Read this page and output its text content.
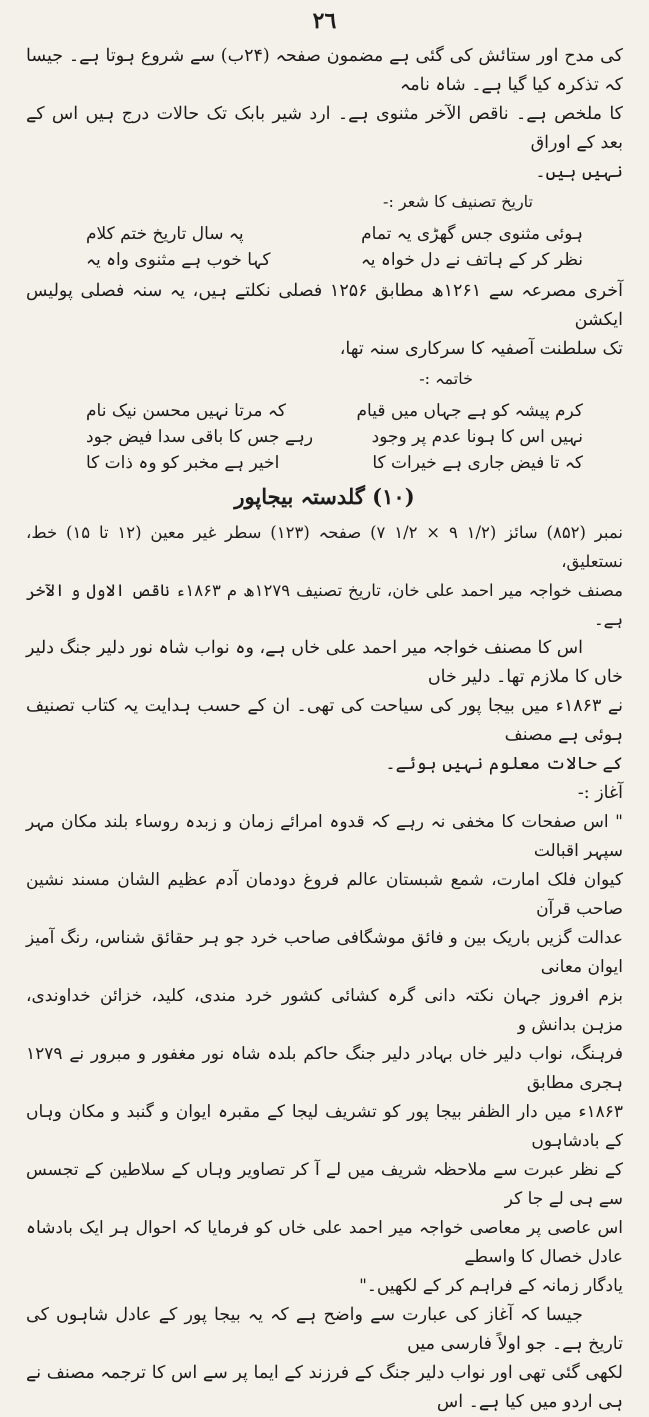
٢٦
کی مدح اور ستائش کی گئی ہے مضمون صفحہ (۲۴ب) سے شروع ہوتا ہے۔ جیسا کہ تذکرہ کیا گیا ہے۔ شاہ نامہ
کا ملخص ہے۔ ناقص الآخر مثنوی ہے۔ ارد شیر بابک تک حالات درج ہیں اس کے بعد کے اوراق
نہیں ہیں۔
تاریخ تصنیف کا شعر :-
ہوئی مثنوی جس گھڑی یہ تمام
پہ سال تاریخ ختم کلام
نظر کر کے ہاتف نے دل خواہ یہ
کہا خوب ہے مثنوی واہ یہ
آخری مصرعہ سے ۱۲۶۱ھ مطابق ۱۲۵۶ فصلی نکلتے ہیں، یہ سنہ فصلی پولیس ایکشن
تک سلطنت آصفیہ کا سرکاری سنہ تھا،
خاتمہ :-
کرم پیشہ کو ہے جہاں میں قیام
کہ مرتا نہیں محسن نیک نام
نہیں اس کا ہونا عدم پر وجود
رہے جس کا باقی سدا فیض جود
کہ تا فیض جاری ہے خیرات کا
اخیر ہے مخبر کو وہ ذات کا
(۱۰) گلدستہ بیجاپور
نمبر (۸۵۲) سائز (۱/۲ ۹ × ۱/۲ ۷) صفحہ (۱۲۳) سطر غیر معین (۱۲ تا ۱۵) خط، نستعلیق،
مصنف خواجہ میر احمد علی خان، تاریخ تصنیف ۱۲۷۹ھ م ۱۸۶۳ء ناقص الاول و الآخر ہے۔
اس کا مصنف خواجہ میر احمد علی خاں ہے، وہ نواب شاہ نور دلیر جنگ دلیر خاں کا ملازم تھا۔ دلیر خاں
نے ۱۸۶۳ء میں بیجا پور کی سیاحت کی تھی۔ ان کے حسب ہدایت یہ کتاب تصنیف ہوئی ہے مصنف
کے حالات معلوم نہیں ہوئے۔
آغاز :-
" اس صفحات کا مخفی نہ رہے کہ قدوہ امرائے زمان و زبدہ روساء بلند مکان مہر سپہر اقبالت
کیوان فلک امارت، شمع شبستان عالم فروغ دودمان آدم عظیم الشان مسند نشین صاحب قرآن
عدالت گزیں باریک بین و فائق موشگافی صاحب خرد جو ہر حقائق شناس، رنگ آمیز ایوان معانی
بزم افروز جہان نکتہ دانی گرہ کشائی کشور خرد مندی، کلید، خزائن خداوندی، مزہن بدانش و
فرہنگ، نواب دلیر خاں بہادر دلیر جنگ حاکم بلدہ شاہ نور مغفور و مبرور نے ۱۲۷۹ ہجری مطابق
۱۸۶۳ء میں دار الظفر بیجا پور کو تشریف لیجا کے مقبرہ ایوان و گنبد و مکان وہاں کے بادشاہوں
کے نظر عبرت سے ملاحظہ شریف میں لے آ کر تصاویر وہاں کے سلاطین کے تجسس سے ہی لے جا کر
اس عاصی پر معاصی خواجہ میر احمد علی خاں کو فرمایا کہ احوال ہر ایک بادشاہ عادل خصال کا واسطے
یادگار زمانہ کے فراہم کر کے لکھیں۔"
جیسا کہ آغاز کی عبارت سے واضح ہے کہ یہ بیجا پور کے عادل شاہوں کی تاریخ ہے۔ جو اولاً فارسی میں
لکھی گئی تھی اور نواب دلیر جنگ کے فرزند کے ایما پر سے اس کا ترجمہ مصنف نے ہی اردو میں کیا ہے۔ اس
